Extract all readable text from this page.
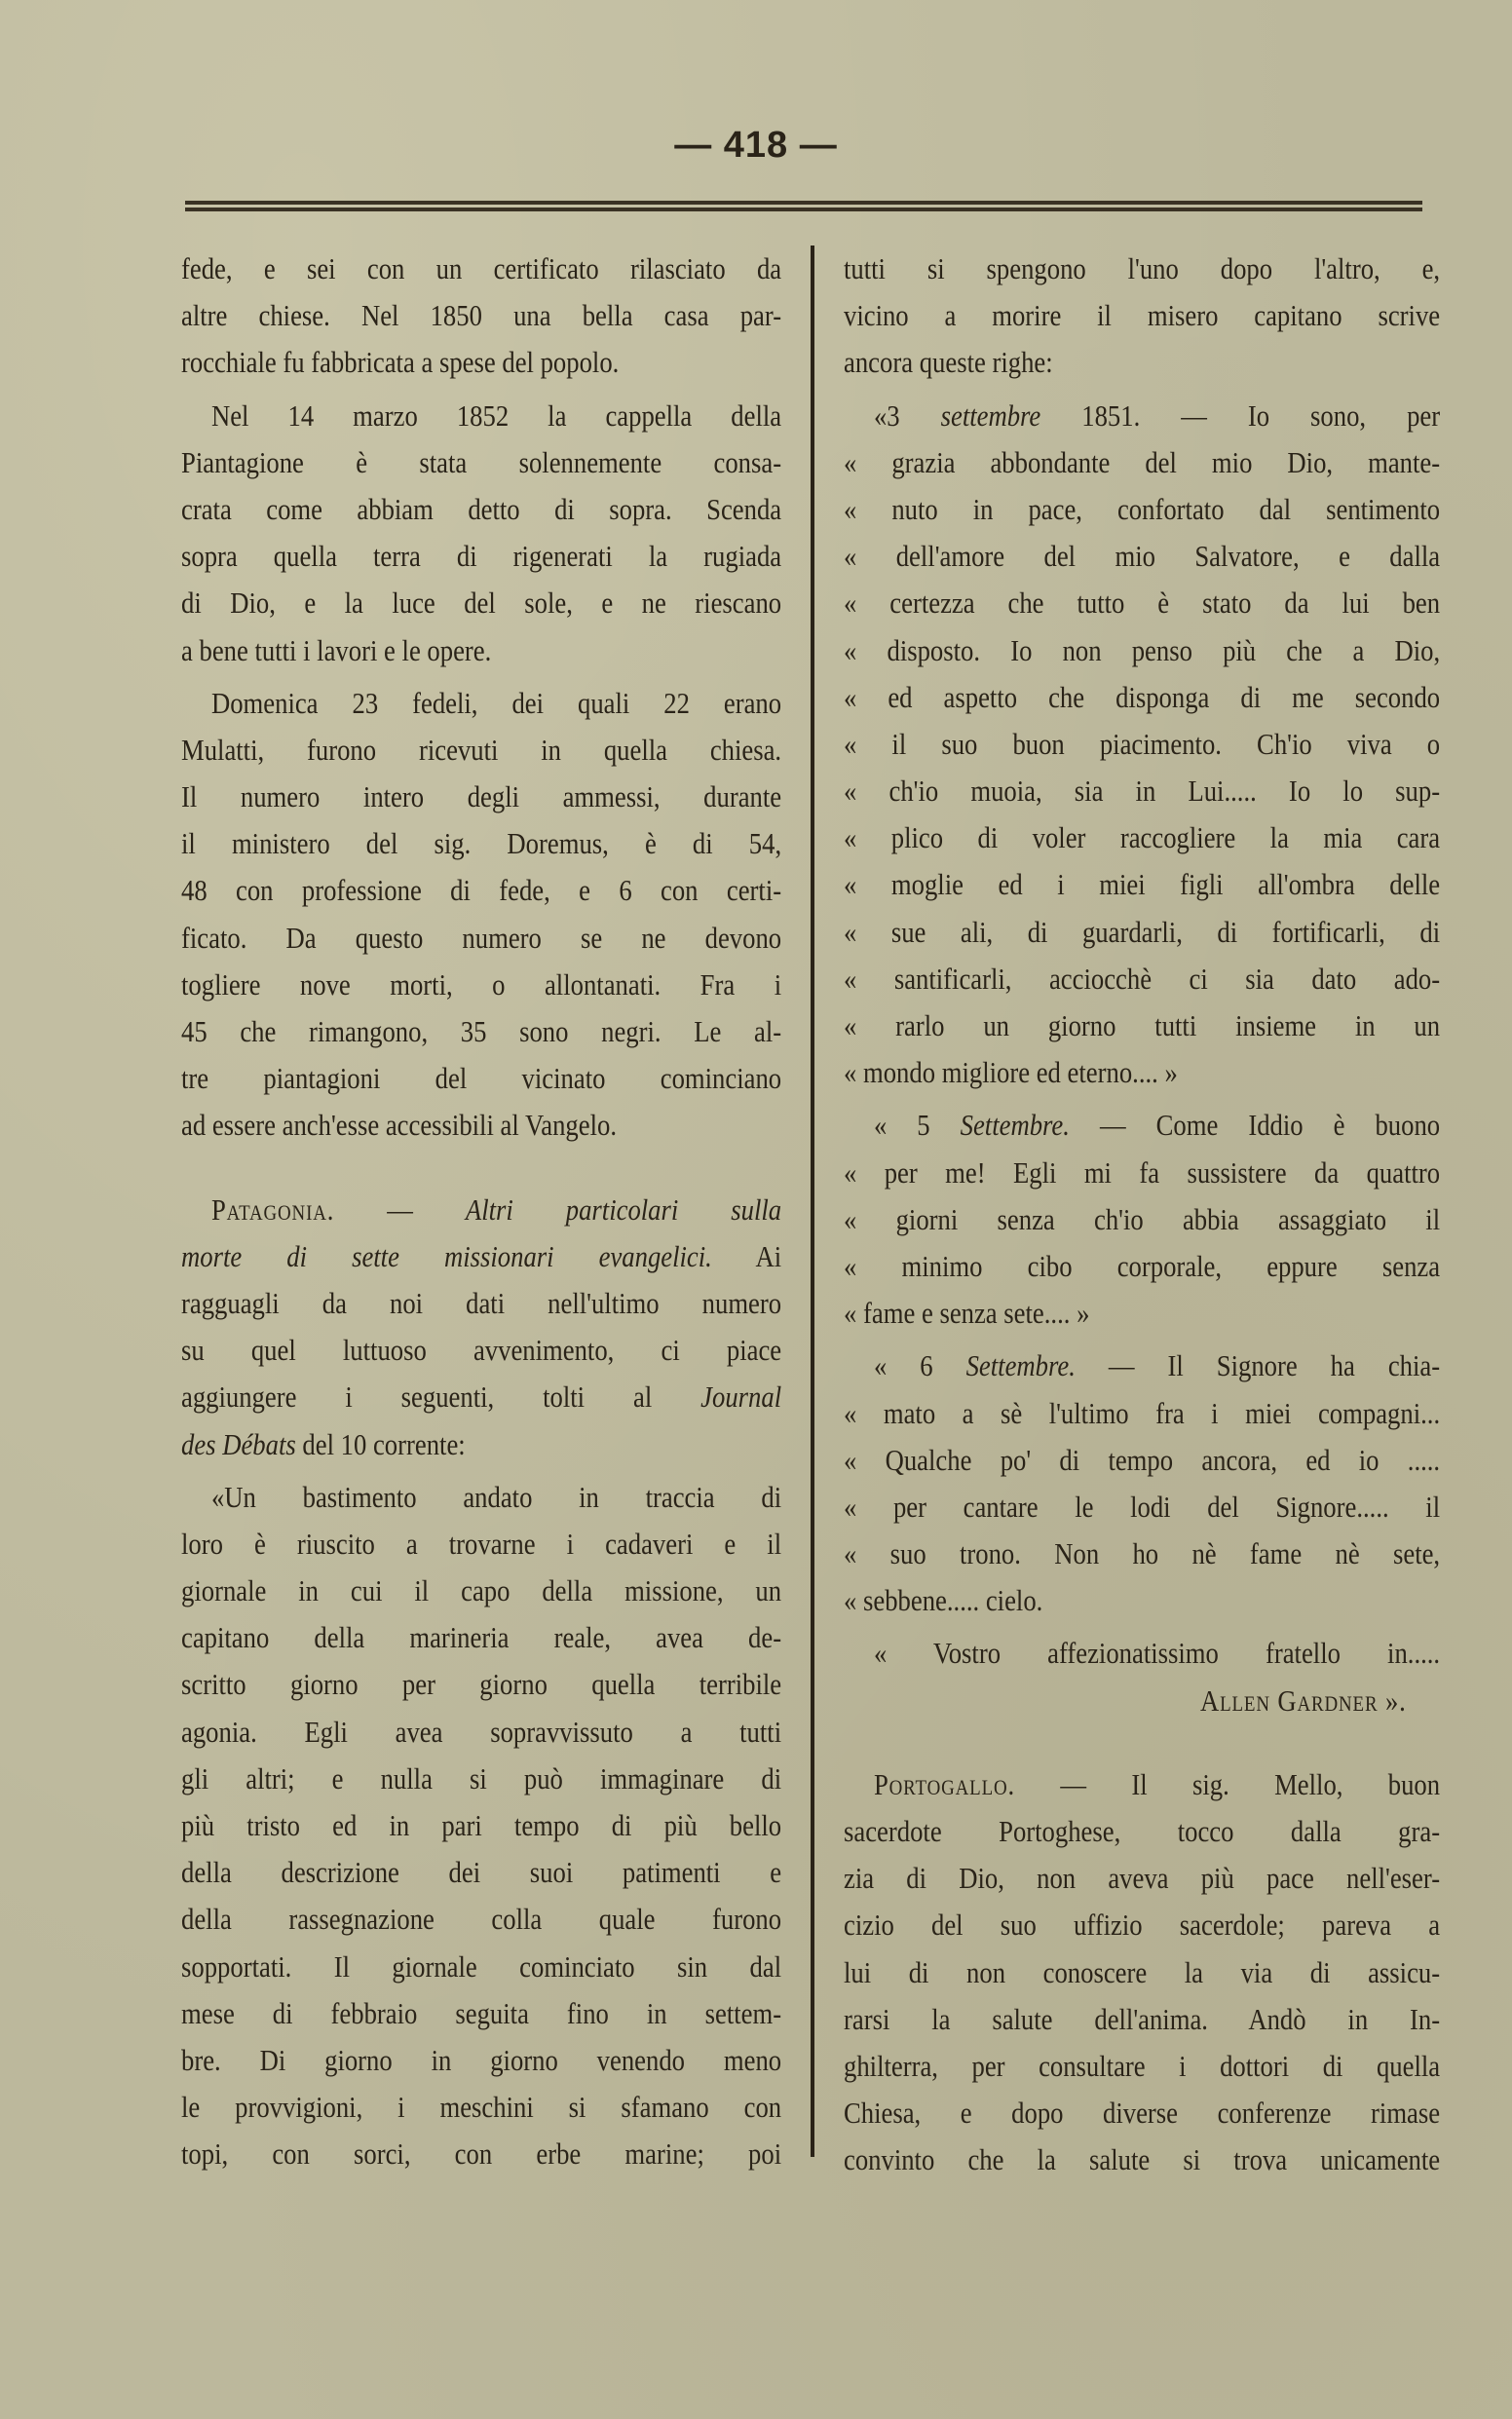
— 418 —
fede, e sei con un certificato rilasciato da
altre chiese. Nel 1850 una bella casa par-
rocchiale fu fabbricata a spese del popolo.
Nel 14 marzo 1852 la cappella della
Piantagione è stata solennemente consa-
crata come abbiam detto di sopra. Scenda
sopra quella terra di rigenerati la rugiada
di Dio, e la luce del sole, e ne riescano
a bene tutti i lavori e le opere.
Domenica 23 fedeli, dei quali 22 erano
Mulatti, furono ricevuti in quella chiesa.
Il numero intero degli ammessi, durante
il ministero del sig. Doremus, è di 54,
48 con professione di fede, e 6 con certi-
ficato. Da questo numero se ne devono
togliere nove morti, o allontanati. Fra i
45 che rimangono, 35 sono negri. Le al-
tre piantagioni del vicinato cominciano
ad essere anch'esse accessibili al Vangelo.
Patagonia. — Altri particolari sulla
morte di sette missionari evangelici. Ai
ragguagli da noi dati nell'ultimo numero
su quel luttuoso avvenimento, ci piace
aggiungere i seguenti, tolti al Journal
des Débats del 10 corrente:
«Un bastimento andato in traccia di
loro è riuscito a trovarne i cadaveri e il
giornale in cui il capo della missione, un
capitano della marineria reale, avea de-
scritto giorno per giorno quella terribile
agonia. Egli avea sopravvissuto a tutti
gli altri; e nulla si può immaginare di
più tristo ed in pari tempo di più bello
della descrizione dei suoi patimenti e
della rassegnazione colla quale furono
sopportati. Il giornale cominciato sin dal
mese di febbraio seguita fino in settem-
bre. Di giorno in giorno venendo meno
le provvigioni, i meschini si sfamano con
topi, con sorci, con erbe marine; poi
tutti si spengono l'uno dopo l'altro, e,
vicino a morire il misero capitano scrive
ancora queste righe:
«3 settembre 1851. — Io sono, per
« grazia abbondante del mio Dio, mante-
« nuto in pace, confortato dal sentimento
« dell'amore del mio Salvatore, e dalla
« certezza che tutto è stato da lui ben
« disposto. Io non penso più che a Dio,
« ed aspetto che disponga di me secondo
« il suo buon piacimento. Ch'io viva o
« ch'io muoia, sia in Lui..... Io lo sup-
« plico di voler raccogliere la mia cara
« moglie ed i miei figli all'ombra delle
« sue ali, di guardarli, di fortificarli, di
« santificarli, acciocchè ci sia dato ado-
« rarlo un giorno tutti insieme in un
« mondo migliore ed eterno.... »
« 5 Settembre. — Come Iddio è buono
« per me! Egli mi fa sussistere da quattro
« giorni senza ch'io abbia assaggiato il
« minimo cibo corporale, eppure senza
« fame e senza sete.... »
« 6 Settembre. — Il Signore ha chia-
« mato a sè l'ultimo fra i miei compagni...
« Qualche po' di tempo ancora, ed io .....
« per cantare le lodi del Signore..... il
« suo trono. Non ho nè fame nè sete,
« sebbene..... cielo.
« Vostro affezionatissimo fratello in.....
Allen Gardner ».
Portogallo. — Il sig. Mello, buon
sacerdote Portoghese, tocco dalla gra-
zia di Dio, non aveva più pace nell'eser-
cizio del suo uffizio sacerdole; pareva a
lui di non conoscere la via di assicu-
rarsi la salute dell'anima. Andò in In-
ghilterra, per consultare i dottori di quella
Chiesa, e dopo diverse conferenze rimase
convinto che la salute si trova unicamente
